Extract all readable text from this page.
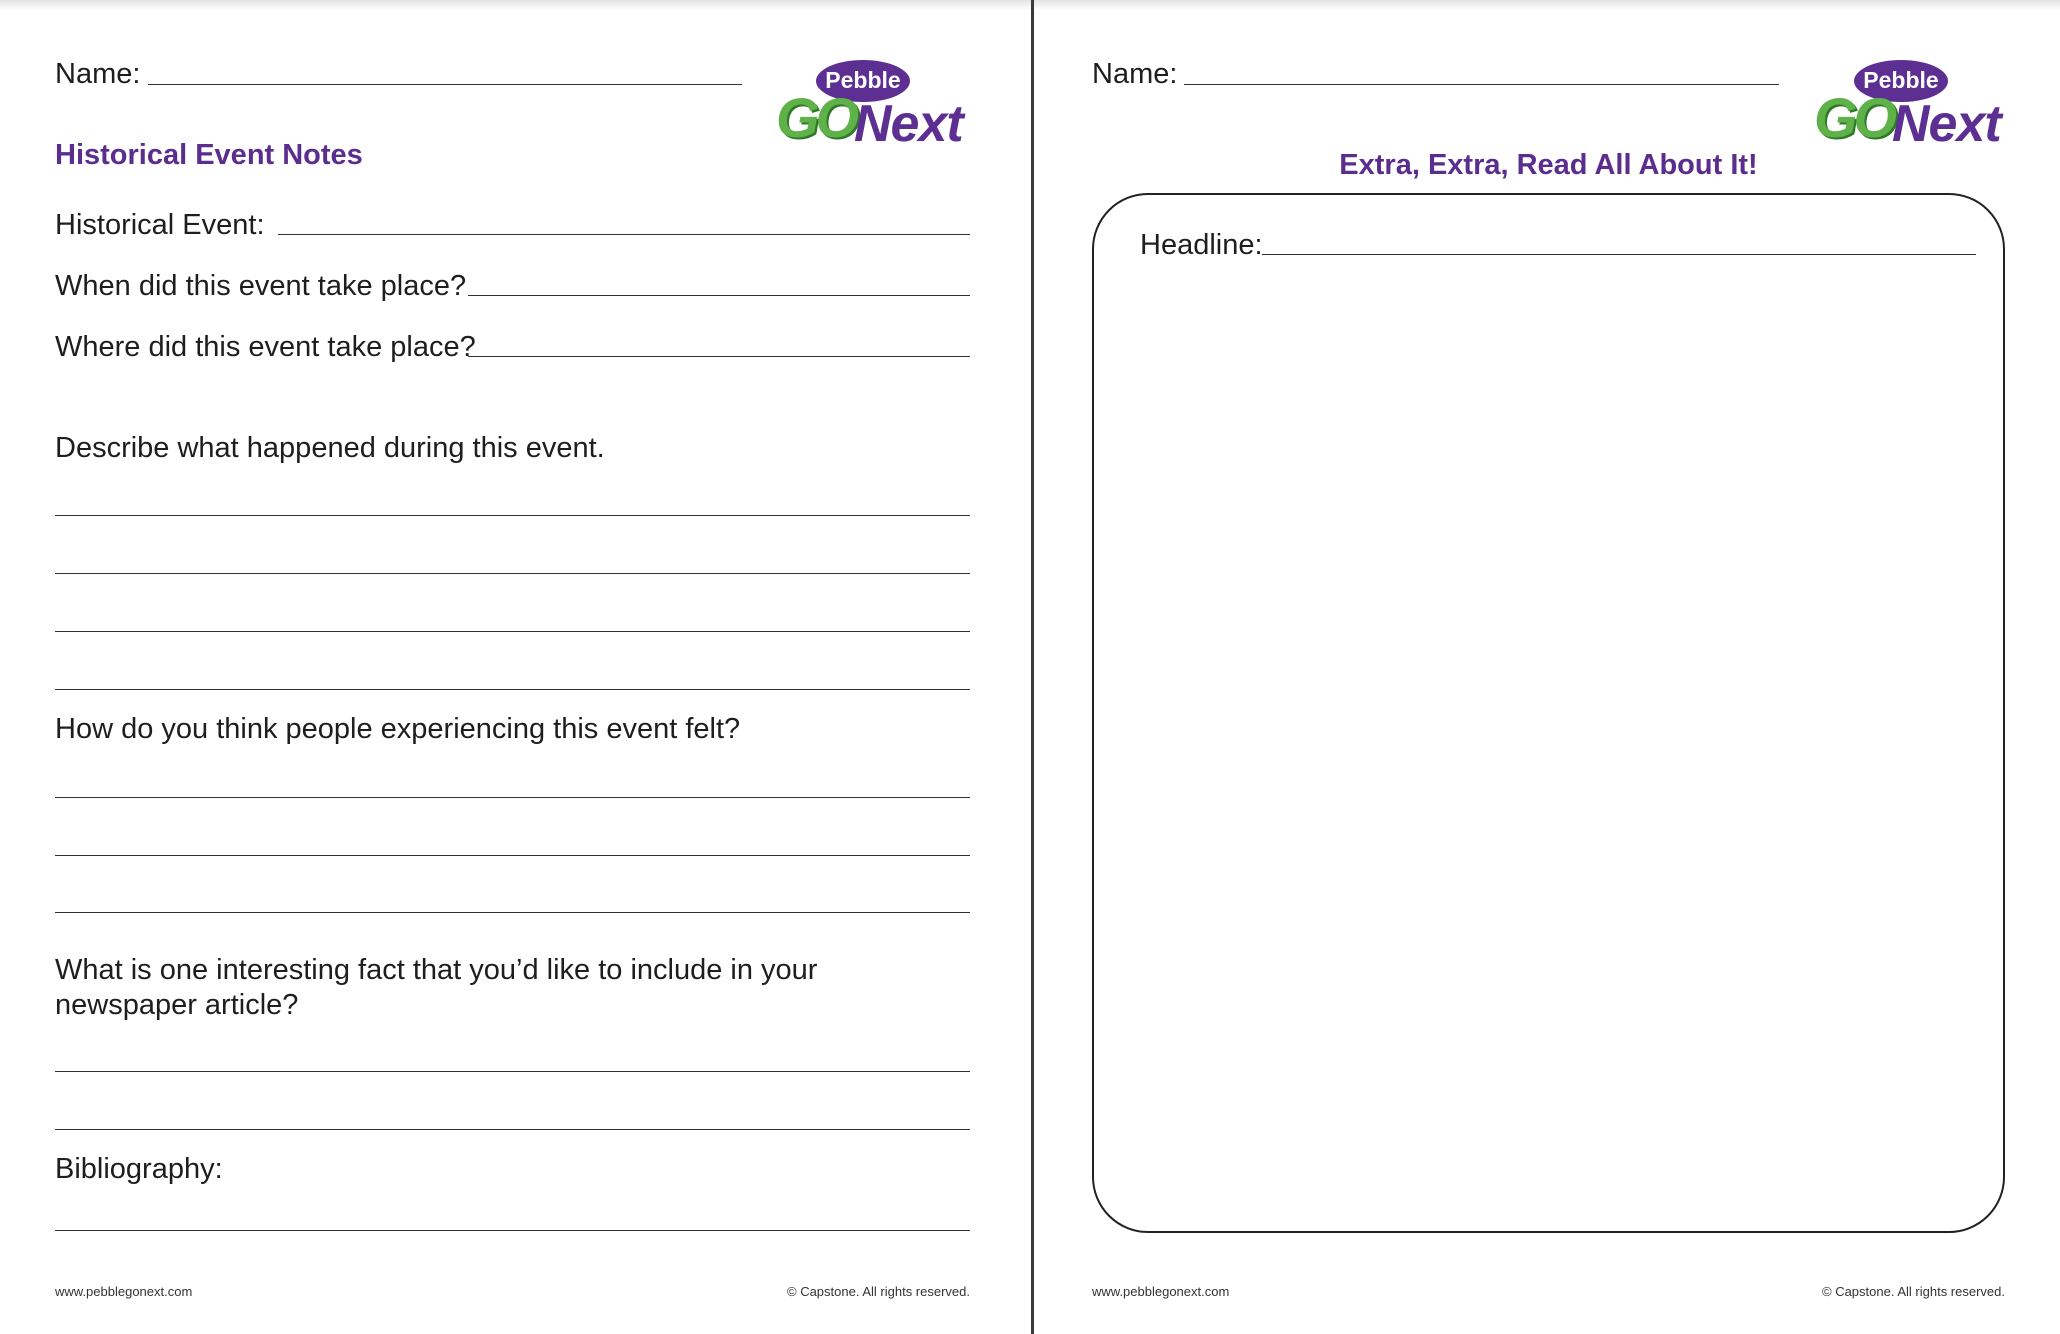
Name:	Pebble
GO
Next
Historical Event Notes
Historical Event:
When did this event take place?
Where did this event take place?
Describe what happened during this event.
How do you think people experiencing this event felt?
What is one interesting fact that you’d like to include in your
newspaper article?
Bibliography:
www.pebblegonext.com	© Capstone. All rights reserved.
Name:	Pebble
GO
Next
Extra, Extra, Read All About It!
Headline:
www.pebblegonext.com	© Capstone. All rights reserved.
